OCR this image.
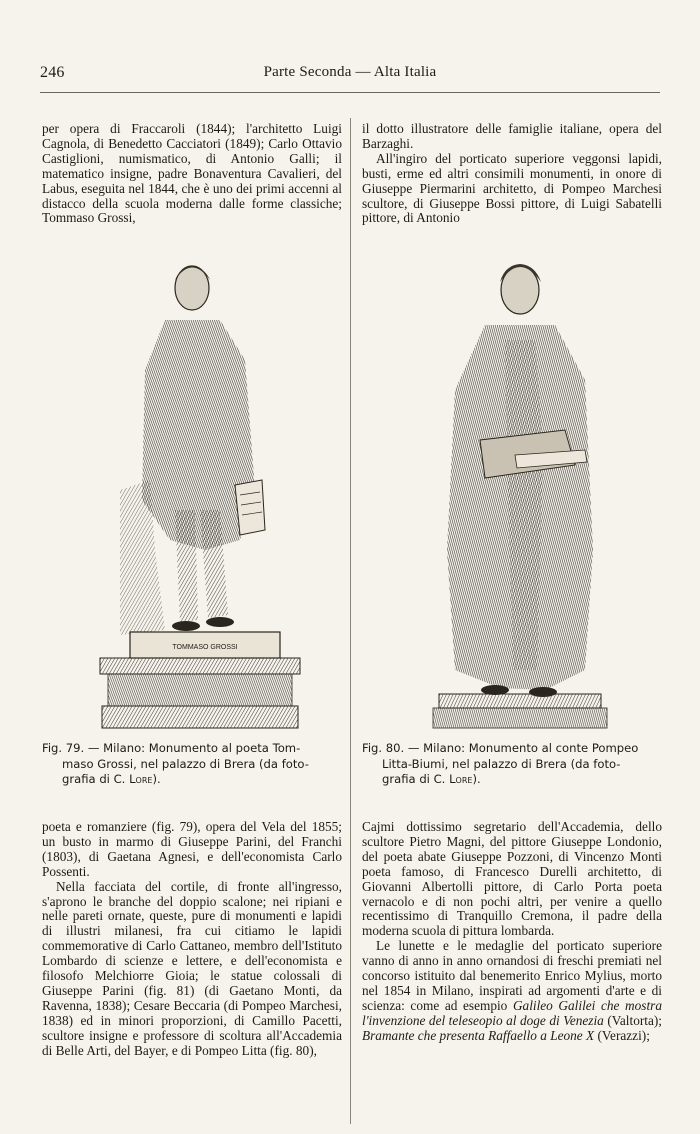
246	Parte Seconda — Alta Italia

per opera di Fraccaroli (1844); l'architetto Luigi Cagnola, di Benedetto Cacciatori (1849); Carlo Ottavio Castiglioni, numismatico, di Antonio Galli; il matematico insigne, padre Bonaventura Cavalieri, del Labus, eseguita nel 1844, che è uno dei primi accenni al distacco della scuola moderna dalle forme classiche; Tommaso Grossi,

il dotto illustratore delle famiglie italiane, opera del Barzaghi.

All'ingiro del porticato superiore veggonsi lapidi, busti, erme ed altri consimili monumenti, in onore di Giuseppe Piermarini architetto, di Pompeo Marchesi scultore, di Giuseppe Bossi pittore, di Luigi Sabatelli pittore, di Antonio

TOMMASO GROSSI
Fig. 79. — Milano: Monumento al poeta Tom-
maso Grossi, nel palazzo di Brera (da foto-
grafia di C. Lore).
Fig. 80. — Milano: Monumento al conte Pompeo
Litta-Biumi, nel palazzo di Brera (da foto-
grafia di C. Lore).

poeta e romanziere (fig. 79), opera del Vela del 1855; un busto in marmo di Giuseppe Parini, del Franchi (1803), di Gaetana Agnesi, e dell'economista Carlo Possenti.

Nella facciata del cortile, di fronte all'ingresso, s'aprono le branche del doppio scalone; nei ripiani e nelle pareti ornate, queste, pure di monumenti e lapidi di illustri milanesi, fra cui citiamo le lapidi commemorative di Carlo Cattaneo, membro dell'Istituto Lombardo di scienze e lettere, e dell'economista e filosofo Melchiorre Gioia; le statue colossali di Giuseppe Parini (fig. 81) (di Gaetano Monti, da Ravenna, 1838); Cesare Beccaria (di Pompeo Marchesi, 1838) ed in minori proporzioni, di Camillo Pacetti, scultore insigne e professore di scoltura all'Accademia di Belle Arti, del Bayer, e di Pompeo Litta (fig. 80),

Cajmi dottissimo segretario dell'Accademia, dello scultore Pietro Magni, del pittore Giuseppe Londonio, del poeta abate Giuseppe Pozzoni, di Vincenzo Monti poeta famoso, di Francesco Durelli architetto, di Giovanni Albertolli pittore, di Carlo Porta poeta vernacolo e di non pochi altri, per venire a quello recentissimo di Tranquillo Cremona, il padre della moderna scuola di pittura lombarda.

Le lunette e le medaglie del porticato superiore vanno di anno in anno ornandosi di freschi premiati nel concorso istituito dal benemerito Enrico Mylius, morto nel 1854 in Milano, inspirati ad argomenti d'arte e di scienza: come ad esempio Galileo Galilei che mostra l'invenzione del teleseopio al doge di Venezia (Valtorta); Bramante che presenta Raffaello a Leone X (Verazzi);
